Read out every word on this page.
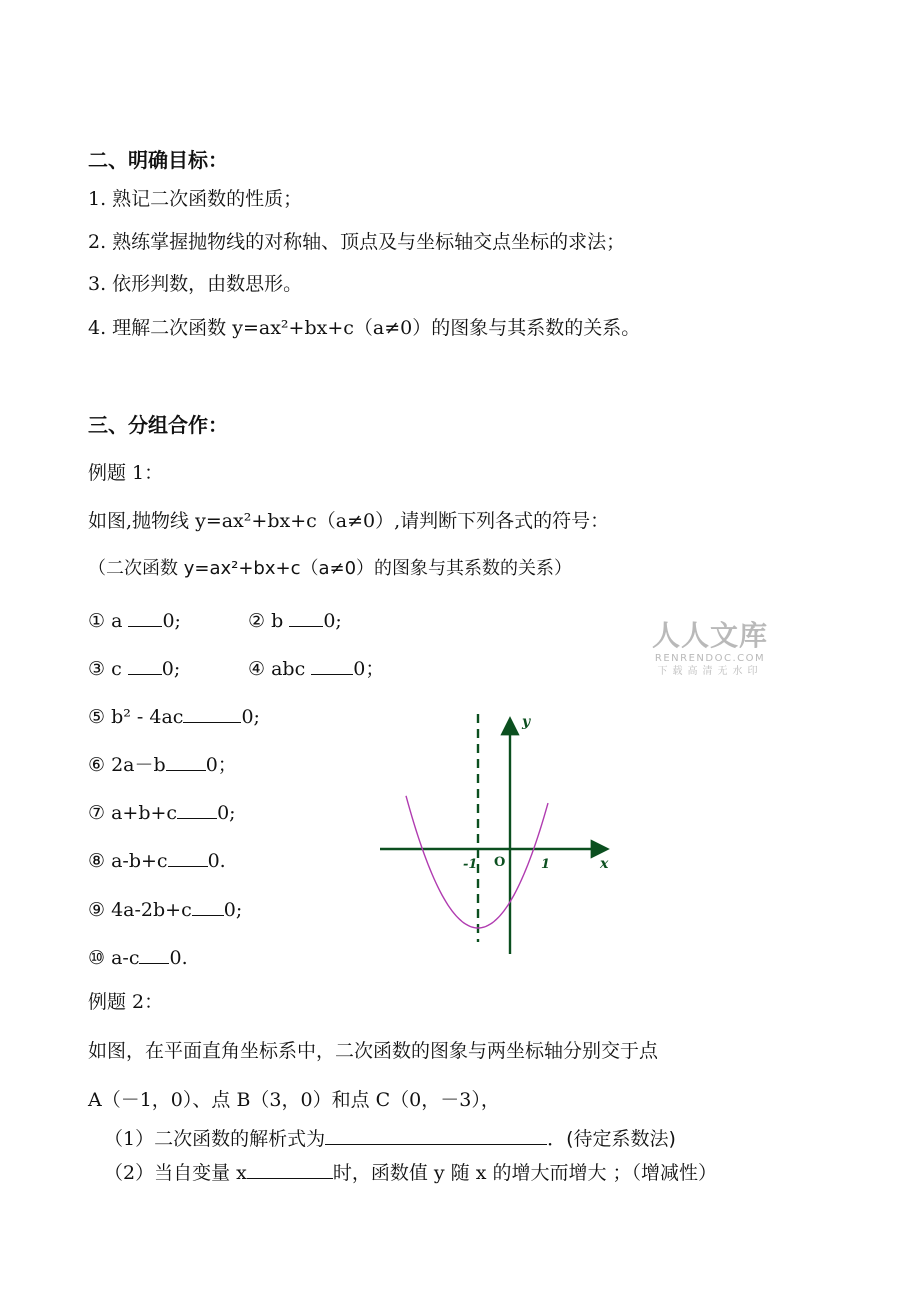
二、明确目标：
1. 熟记二次函数的性质；
2. 熟练掌握抛物线的对称轴、顶点及与坐标轴交点坐标的求法；
3. 依形判数，由数思形。
4. 理解二次函数 y=ax²+bx+c（a≠0）的图象与其系数的关系。
三、分组合作：
例题 1：
如图,抛物线 y=ax²+bx+c（a≠0）,请判断下列各式的符号：
（二次函数 y=ax²+bx+c（a≠0）的图象与其系数的关系）
① a 0;	② b 0;
③ c 0;	④ abc	0；
⑤ b² - 4ac	0;
⑥ 2a－b 0；
⑦ a+b+c 0;
⑧ a-b+c 0.
⑨ 4a-2b+c 0;
⑩ a-c 0.
y
x
O
-1	1
人人文库
RENRENDOC.COM
下载高清无水印
例题 2：
如图，在平面直角坐标系中，二次函数的图象与两坐标轴分别交于点
A（－1，0）、点 B（3，0）和点 C（0，－3），
（1）二次函数的解析式为	．(待定系数法)
（2）当自变量 x	时，函数值 y 随 x 的增大而增大 ；（增减性）
